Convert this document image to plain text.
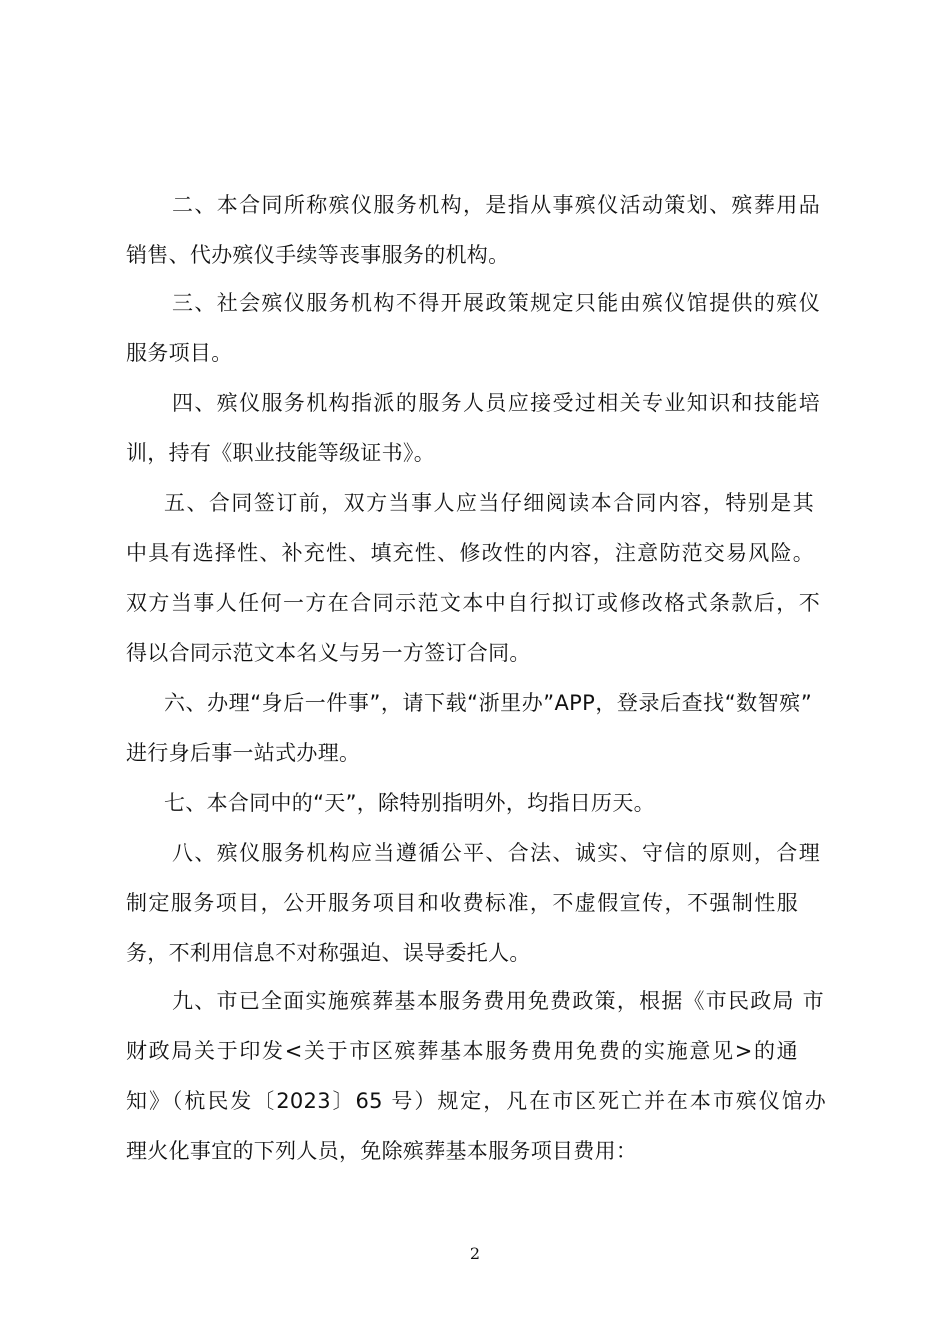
二、本合同所称殡仪服务机构，是指从事殡仪活动策划、殡葬用品
销售、代办殡仪手续等丧事服务的机构。
三、社会殡仪服务机构不得开展政策规定只能由殡仪馆提供的殡仪
服务项目。
四、殡仪服务机构指派的服务人员应接受过相关专业知识和技能培
训，持有《职业技能等级证书》。
五、合同签订前，双方当事人应当仔细阅读本合同内容，特别是其
中具有选择性、补充性、填充性、修改性的内容，注意防范交易风险。
双方当事人任何一方在合同示范文本中自行拟订或修改格式条款后，不
得以合同示范文本名义与另一方签订合同。
六、办理“身后一件事”，请下载“浙里办”APP，登录后查找“数智殡”
进行身后事一站式办理。
七、本合同中的“天”，除特别指明外，均指日历天。
八、殡仪服务机构应当遵循公平、合法、诚实、守信的原则，合理
制定服务项目，公开服务项目和收费标准，不虚假宣传，不强制性服
务，不利用信息不对称强迫、误导委托人。
九、市已全面实施殡葬基本服务费用免费政策，根据《市民政局 市
财政局关于印发<关于市区殡葬基本服务费用免费的实施意见>的通
知》（杭民发〔2023〕65 号）规定，凡在市区死亡并在本市殡仪馆办
理火化事宜的下列人员，免除殡葬基本服务项目费用：
2
